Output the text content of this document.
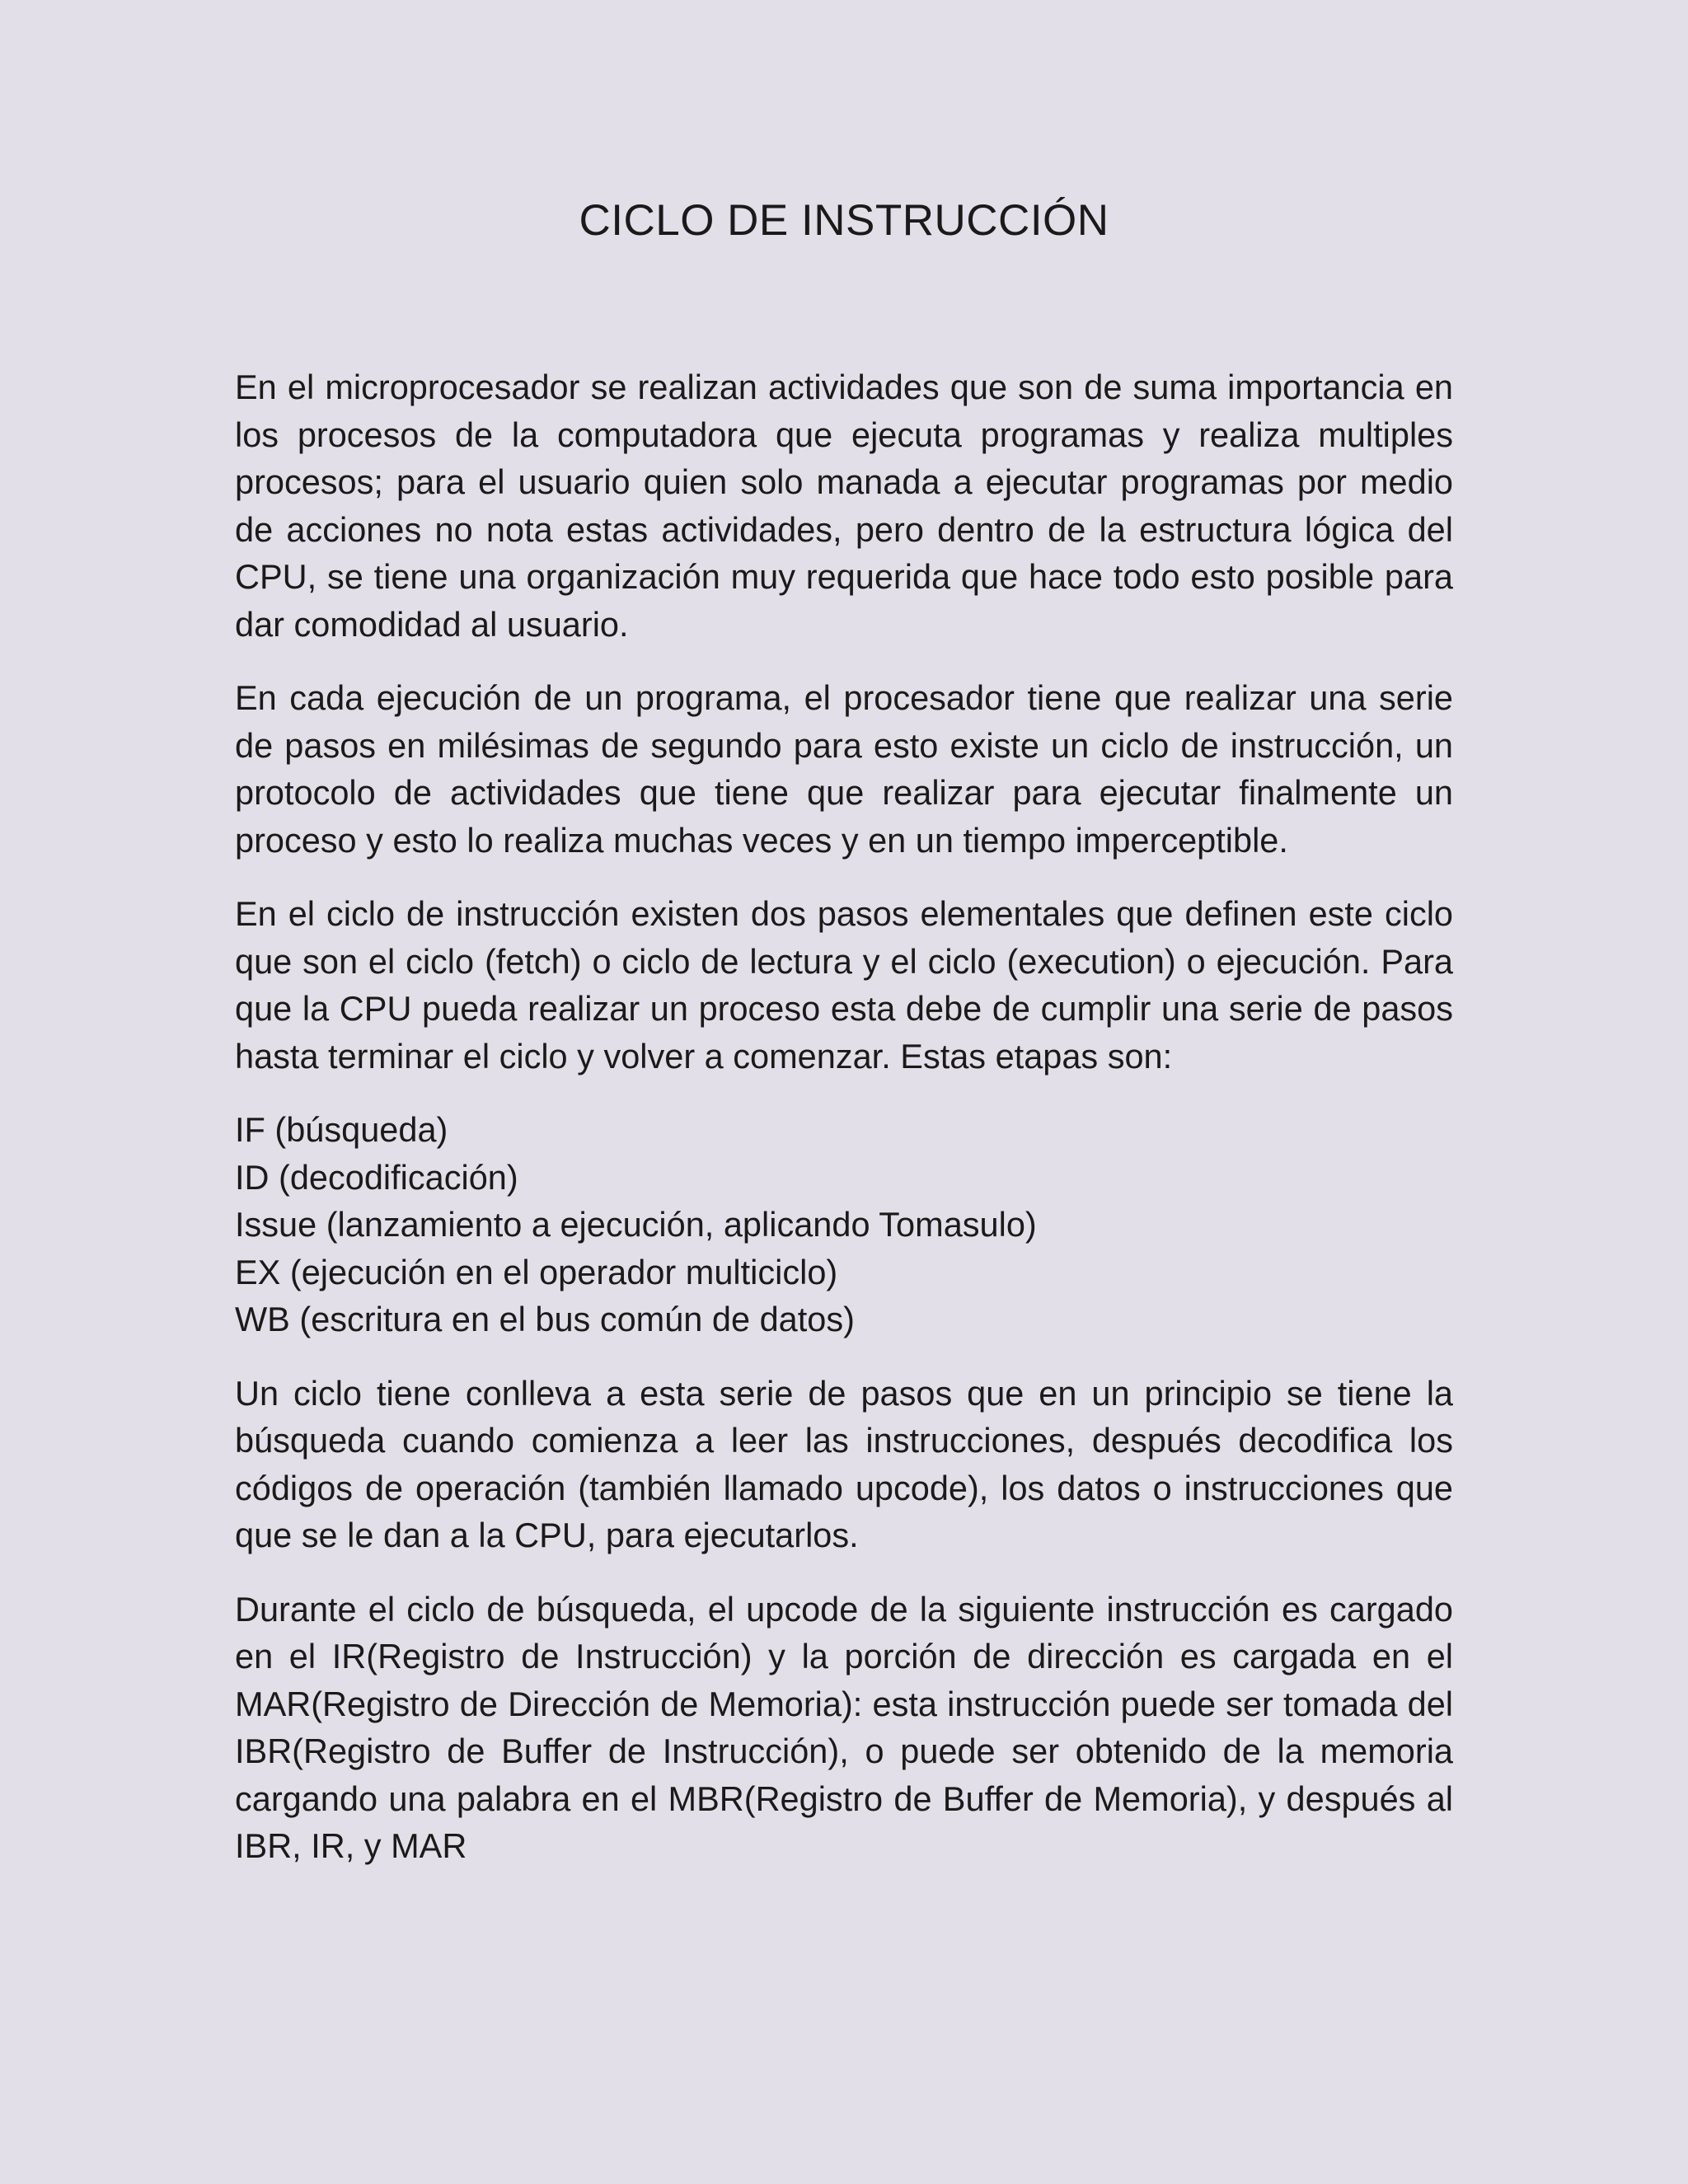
CICLO DE INSTRUCCIÓN

En el microprocesador se realizan actividades que son de suma importancia en los procesos de la computadora que ejecuta programas y realiza multiples procesos; para el usuario quien solo manada a ejecutar programas por medio de acciones no nota estas actividades, pero dentro de la estructura lógica del CPU, se tiene una organización muy requerida que hace todo esto posible para dar comodidad al usuario.

En cada ejecución de un programa, el procesador tiene que realizar una serie de pasos en milésimas de segundo para esto existe un ciclo de instrucción, un protocolo de actividades que tiene que realizar para ejecutar finalmente un proceso y esto lo realiza muchas veces y en un tiempo imperceptible.

En el ciclo de instrucción existen dos pasos elementales que definen este ciclo que son el ciclo (fetch) o ciclo de lectura y el ciclo (execution) o ejecución. Para que la CPU pueda realizar un proceso esta debe de cumplir una serie de pasos hasta terminar el ciclo y volver a comenzar. Estas etapas son:

IF (búsqueda)
ID (decodificación)
Issue (lanzamiento a ejecución, aplicando Tomasulo)
EX (ejecución en el operador multiciclo)
WB (escritura en el bus común de datos)

Un ciclo tiene conlleva a esta serie de pasos que en un principio se tiene la búsqueda cuando comienza a leer las instrucciones, después decodifica los códigos de operación (también llamado upcode), los datos o instrucciones que que se le dan a la CPU, para ejecutarlos.

Durante el ciclo de búsqueda, el upcode de la siguiente instrucción es cargado en el IR(Registro de Instrucción) y la porción de dirección es cargada en el MAR(Registro de Dirección de Memoria): esta instrucción puede ser tomada del IBR(Registro de Buffer de Instrucción), o puede ser obtenido de la memoria cargando una palabra en el MBR(Registro de Buffer de Memoria), y después al IBR, IR, y MAR
